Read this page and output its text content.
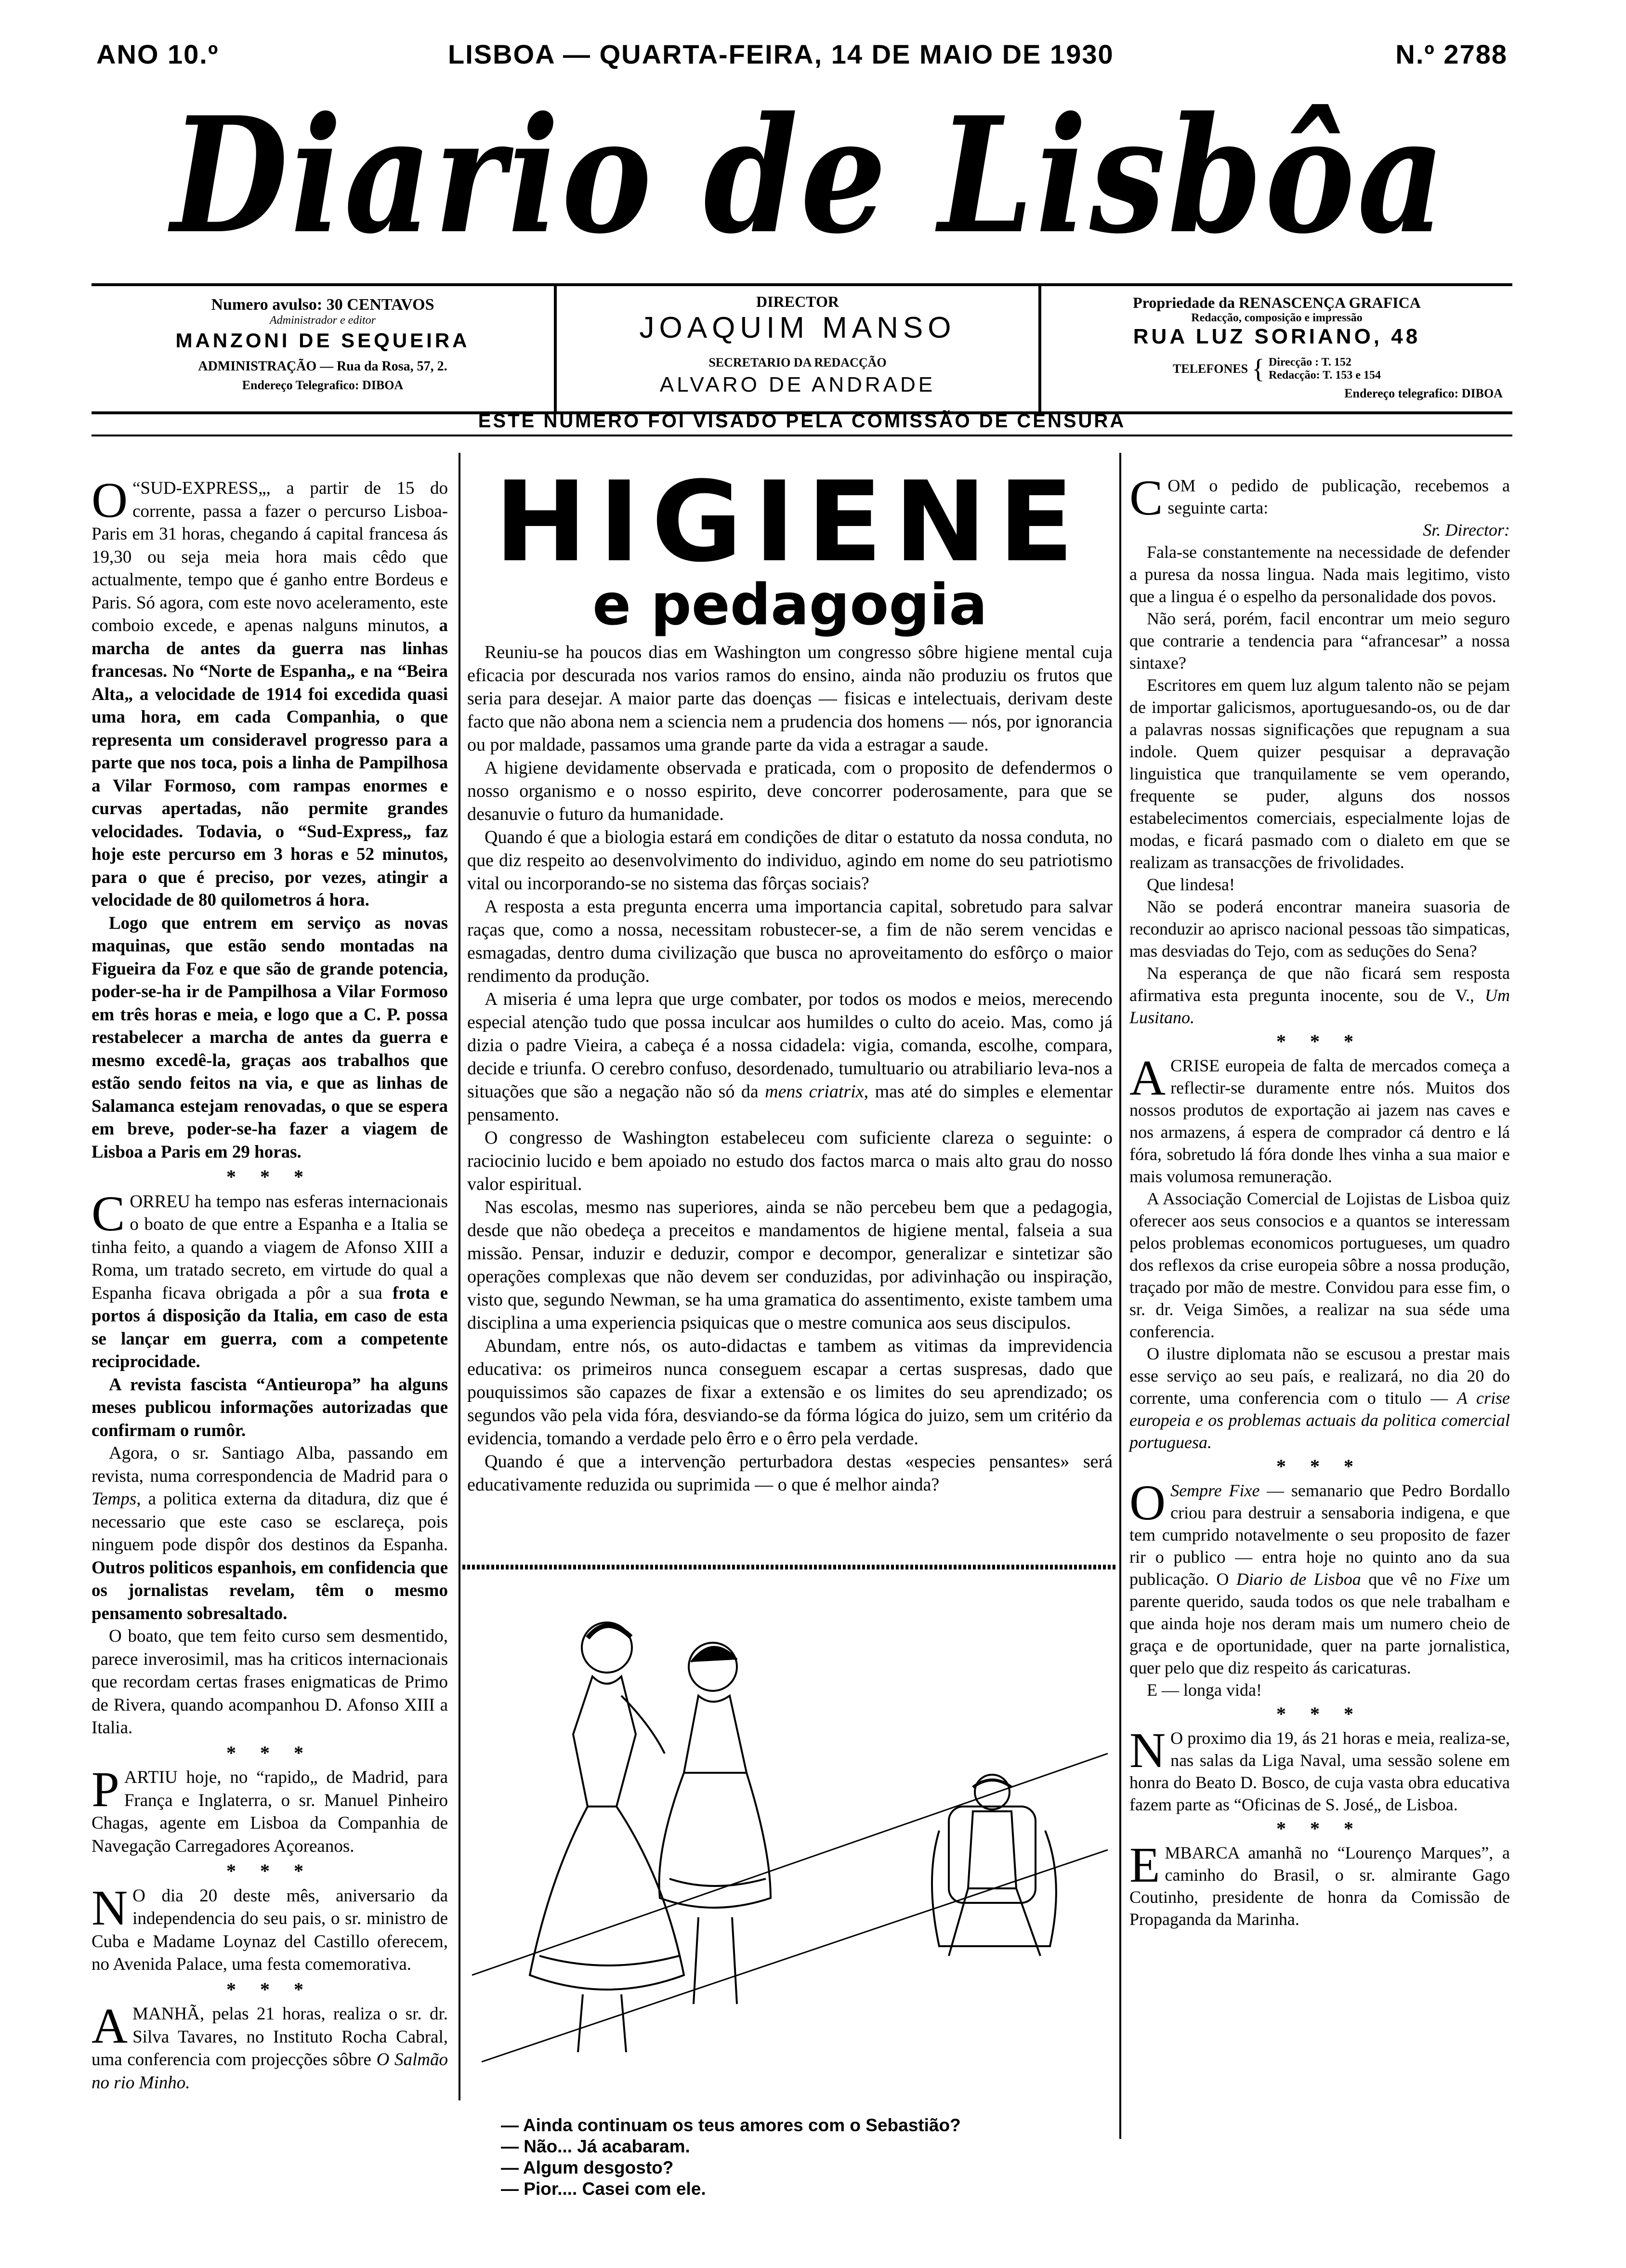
ANO 10.º	LISBOA — QUARTA-FEIRA, 14 DE MAIO DE 1930	N.º 2788
Diario de Lisbôa
Numero avulso: 30 CENTAVOS
Administrador e editor
MANZONI DE SEQUEIRA
ADMINISTRAÇÃO — Rua da Rosa, 57, 2.
Endereço Telegrafico: DIBOA
DIRECTOR
JOAQUIM MANSO
SECRETARIO DA REDACÇÃO
ALVARO DE ANDRADE
Propriedade da RENASCENÇA GRAFICA
Redacção, composição e impressão
RUA LUZ SORIANO, 48
TELEFONES { Direcção : T. 152
Redacção: T. 153 e 154
Endereço telegrafico: DIBOA
ESTE NUMERO FOI VISADO PELA COMISSÃO DE CENSURA

O “SUD-EXPRESS„, a partir de 15 do corrente, passa a fazer o percurso Lisboa-Paris em 31 horas, chegando á capital francesa ás 19,30 ou seja meia hora mais cêdo que actualmente, tempo que é ganho entre Bordeus e Paris. Só agora, com este novo aceleramento, este comboio excede, e apenas nalguns minutos, a marcha de antes da guerra nas linhas francesas. No “Norte de Espanha„ e na “Beira Alta„ a velocidade de 1914 foi excedida quasi uma hora, em cada Companhia, o que representa um consideravel progresso para a parte que nos toca, pois a linha de Pampilhosa a Vilar Formoso, com rampas enormes e curvas apertadas, não permite grandes velocidades. Todavia, o “Sud-Express„ faz hoje este percurso em 3 horas e 52 minutos, para o que é preciso, por vezes, atingir a velocidade de 80 quilometros á hora.

Logo que entrem em serviço as novas maquinas, que estão sendo montadas na Figueira da Foz e que são de grande potencia, poder-se-ha ir de Pampilhosa a Vilar Formoso em três horas e meia, e logo que a C. P. possa restabelecer a marcha de antes da guerra e mesmo excedê-la, graças aos trabalhos que estão sendo feitos na via, e que as linhas de Salamanca estejam renovadas, o que se espera em breve, poder-se-ha fazer a viagem de Lisboa a Paris em 29 horas.

* * *

CORREU ha tempo nas esferas internacionais o boato de que entre a Espanha e a Italia se tinha feito, a quando a viagem de Afonso XIII a Roma, um tratado secreto, em virtude do qual a Espanha ficava obrigada a pôr a sua frota e portos á disposição da Italia, em caso de esta se lançar em guerra, com a competente reciprocidade.

A revista fascista “Antieuropa” ha alguns meses publicou informações autorizadas que confirmam o rumôr.

Agora, o sr. Santiago Alba, passando em revista, numa correspondencia de Madrid para o Temps, a politica externa da ditadura, diz que é necessario que este caso se esclareça, pois ninguem pode dispôr dos destinos da Espanha. Outros politicos espanhois, em confidencia que os jornalistas revelam, têm o mesmo pensamento sobresaltado.

O boato, que tem feito curso sem desmentido, parece inverosimil, mas ha criticos internacionais que recordam certas frases enigmaticas de Primo de Rivera, quando acompanhou D. Afonso XIII a Italia.

* * *

PARTIU hoje, no “rapido„ de Madrid, para França e Inglaterra, o sr. Manuel Pinheiro Chagas, agente em Lisboa da Companhia de Navegação Carregadores Açoreanos.

* * *

N O dia 20 deste mês, aniversario da independencia do seu pais, o sr. ministro de Cuba e Madame Loynaz del Castillo oferecem, no Avenida Palace, uma festa comemorativa.

* * *

AMANHÃ, pelas 21 horas, realiza o sr. dr. Silva Tavares, no Instituto Rocha Cabral, uma conferencia com projecções sôbre O Salmão no rio Minho.

HIGIENE
e pedagogia

Reuniu-se ha poucos dias em Washington um congresso sôbre higiene mental cuja eficacia por descurada nos varios ramos do ensino, ainda não produziu os frutos que seria para desejar. A maior parte das doenças — fisicas e intelectuais, derivam deste facto que não abona nem a sciencia nem a prudencia dos homens — nós, por ignorancia ou por maldade, passamos uma grande parte da vida a estragar a saude.

A higiene devidamente observada e praticada, com o proposito de defendermos o nosso organismo e o nosso espirito, deve concorrer poderosamente, para que se desanuvie o futuro da humanidade.

Quando é que a biologia estará em condições de ditar o estatuto da nossa conduta, no que diz respeito ao desenvolvimento do individuo, agindo em nome do seu patriotismo vital ou incorporando-se no sistema das fôrças sociais?

A resposta a esta pregunta encerra uma importancia capital, sobretudo para salvar raças que, como a nossa, necessitam robustecer-se, a fim de não serem vencidas e esmagadas, dentro duma civilização que busca no aproveitamento do esfôrço o maior rendimento da produção.

A miseria é uma lepra que urge combater, por todos os modos e meios, merecendo especial atenção tudo que possa inculcar aos humildes o culto do aceio. Mas, como já dizia o padre Vieira, a cabeça é a nossa cidadela: vigia, comanda, escolhe, compara, decide e triunfa. O cerebro confuso, desordenado, tumultuario ou atrabiliario leva-nos a situações que são a negação não só da mens criatrix, mas até do simples e elementar pensamento.

O congresso de Washington estabeleceu com suficiente clareza o seguinte: o raciocinio lucido e bem apoiado no estudo dos factos marca o mais alto grau do nosso valor espiritual.

Nas escolas, mesmo nas superiores, ainda se não percebeu bem que a pedagogia, desde que não obedeça a preceitos e mandamentos de higiene mental, falseia a sua missão. Pensar, induzir e deduzir, compor e decompor, generalizar e sintetizar são operações complexas que não devem ser conduzidas, por adivinhação ou inspiração, visto que, segundo Newman, se ha uma gramatica do assentimento, existe tambem uma disciplina a uma experiencia psiquicas que o mestre comunica aos seus discipulos.

Abundam, entre nós, os auto-didactas e tambem as vitimas da imprevidencia educativa: os primeiros nunca conseguem escapar a certas suspresas, dado que pouquissimos são capazes de fixar a extensão e os limites do seu aprendizado; os segundos vão pela vida fóra, desviando-se da fórma lógica do juizo, sem um critério da evidencia, tomando a verdade pelo êrro e o êrro pela verdade.

Quando é que a intervenção perturbadora destas «especies pensantes» será educativamente reduzida ou suprimida — o que é melhor ainda?

— Ainda continuam os teus amores com o Sebastião?
— Não... Já acabaram.
— Algum desgosto?
— Pior.... Casei com ele.

COM o pedido de publicação, recebemos a seguinte carta:

Sr. Director:

Fala-se constantemente na necessidade de defender a puresa da nossa lingua. Nada mais legitimo, visto que a lingua é o espelho da personalidade dos povos.

Não será, porém, facil encontrar um meio seguro que contrarie a tendencia para “afrancesar” a nossa sintaxe?

Escritores em quem luz algum talento não se pejam de importar galicismos, aportuguesando-os, ou de dar a palavras nossas significações que repugnam a sua indole. Quem quizer pesquisar a depravação linguistica que tranquilamente se vem operando, frequente se puder, alguns dos nossos estabelecimentos comerciais, especialmente lojas de modas, e ficará pasmado com o dialeto em que se realizam as transacções de frivolidades.

Que lindesa!

Não se poderá encontrar maneira suasoria de reconduzir ao aprisco nacional pessoas tão simpaticas, mas desviadas do Tejo, com as seduções do Sena?

Na esperança de que não ficará sem resposta afirmativa esta pregunta inocente, sou de V., Um Lusitano.

* * *

ACRISE europeia de falta de mercados começa a reflectir-se duramente entre nós. Muitos dos nossos produtos de exportação ai jazem nas caves e nos armazens, á espera de comprador cá dentro e lá fóra, sobretudo lá fóra donde lhes vinha a sua maior e mais volumosa remuneração.

A Associação Comercial de Lojistas de Lisboa quiz oferecer aos seus consocios e a quantos se interessam pelos problemas economicos portugueses, um quadro dos reflexos da crise europeia sôbre a nossa produção, traçado por mão de mestre. Convidou para esse fim, o sr. dr. Veiga Simões, a realizar na sua séde uma conferencia.

O ilustre diplomata não se escusou a prestar mais esse serviço ao seu país, e realizará, no dia 20 do corrente, uma conferencia com o titulo — A crise europeia e os problemas actuais da politica comercial portuguesa.

* * *

O Sempre Fixe — semanario que Pedro Bordallo criou para destruir a sensaboria indigena, e que tem cumprido notavelmente o seu proposito de fazer rir o publico — entra hoje no quinto ano da sua publicação. O Diario de Lisboa que vê no Fixe um parente querido, sauda todos os que nele trabalham e que ainda hoje nos deram mais um numero cheio de graça e de oportunidade, quer na parte jornalistica, quer pelo que diz respeito ás caricaturas.

E — longa vida!

* * *

N O proximo dia 19, ás 21 horas e meia, realiza-se, nas salas da Liga Naval, uma sessão solene em honra do Beato D. Bosco, de cuja vasta obra educativa fazem parte as “Oficinas de S. José„ de Lisboa.

* * *

EMBARCA amanhã no “Lourenço Marques”, a caminho do Brasil, o sr. almirante Gago Coutinho, presidente de honra da Comissão de Propaganda da Marinha.
